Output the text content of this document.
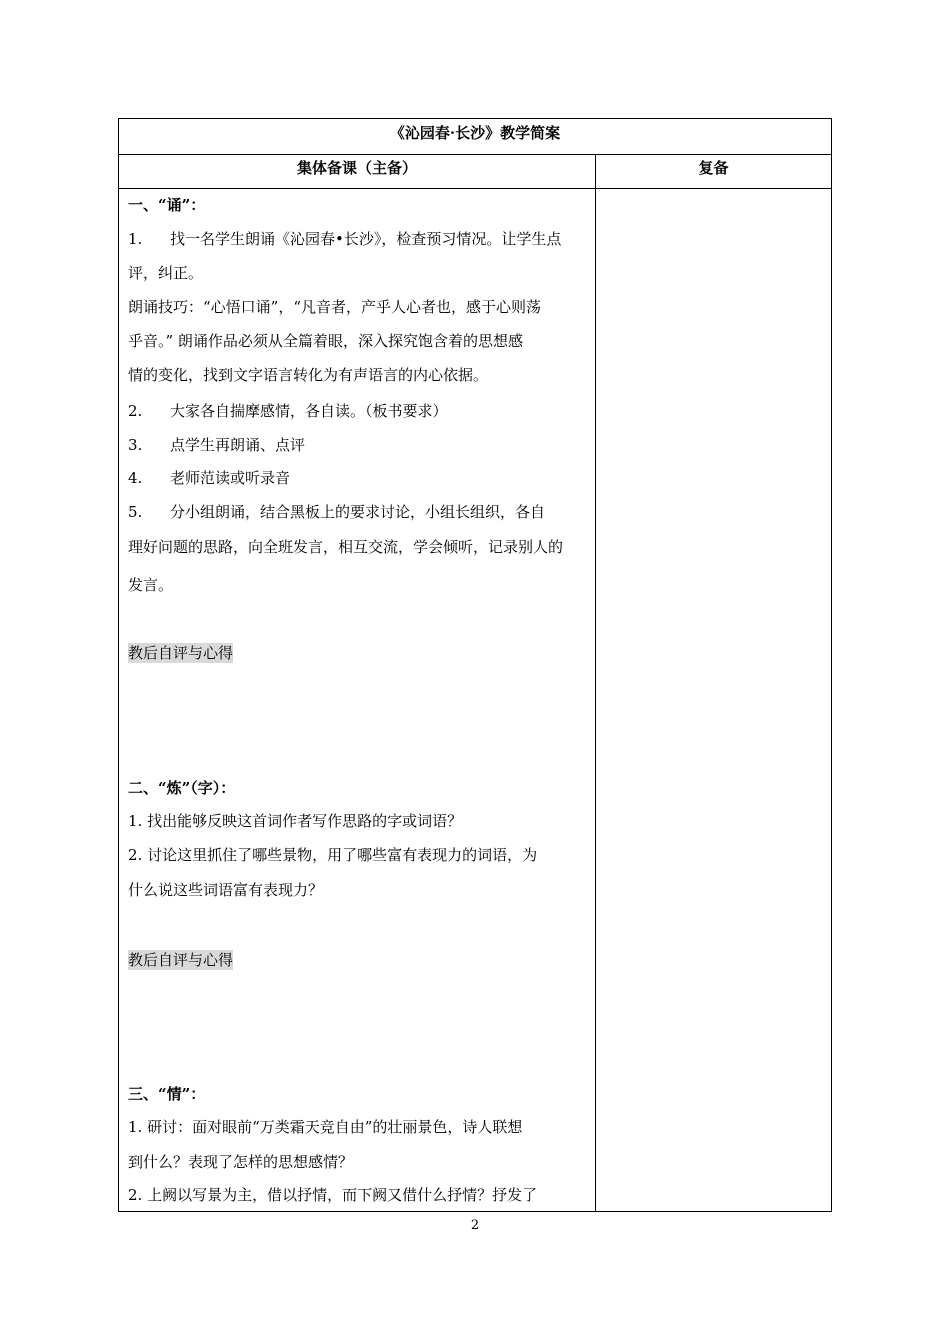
《沁园春·长沙》教学简案
集体备课（主备）	复备
一、“诵”：
1. 找一名学生朗诵《沁园春•长沙》，检查预习情况。让学生点
评，纠正。
朗诵技巧：“心悟口诵”，“凡音者，产乎人心者也，感于心则荡
乎音。” 朗诵作品必须从全篇着眼，深入探究饱含着的思想感
情的变化，找到文字语言转化为有声语言的内心依据。
2. 大家各自揣摩感情，各自读。（板书要求）
3. 点学生再朗诵、点评
4. 老师范读或听录音
5. 分小组朗诵，结合黑板上的要求讨论，小组长组织，各自
理好问题的思路，向全班发言，相互交流，学会倾听，记录别人的
发言。
教后自评与心得
二、“炼”（字）：
1. 找出能够反映这首词作者写作思路的字或词语？
2. 讨论这里抓住了哪些景物，用了哪些富有表现力的词语，为
什么说这些词语富有表现力？
教后自评与心得
三、“情”：
1. 研讨：面对眼前“万类霜天竞自由”的壮丽景色，诗人联想
到什么？表现了怎样的思想感情？
2. 上阙以写景为主，借以抒情，而下阙又借什么抒情？抒发了
2
